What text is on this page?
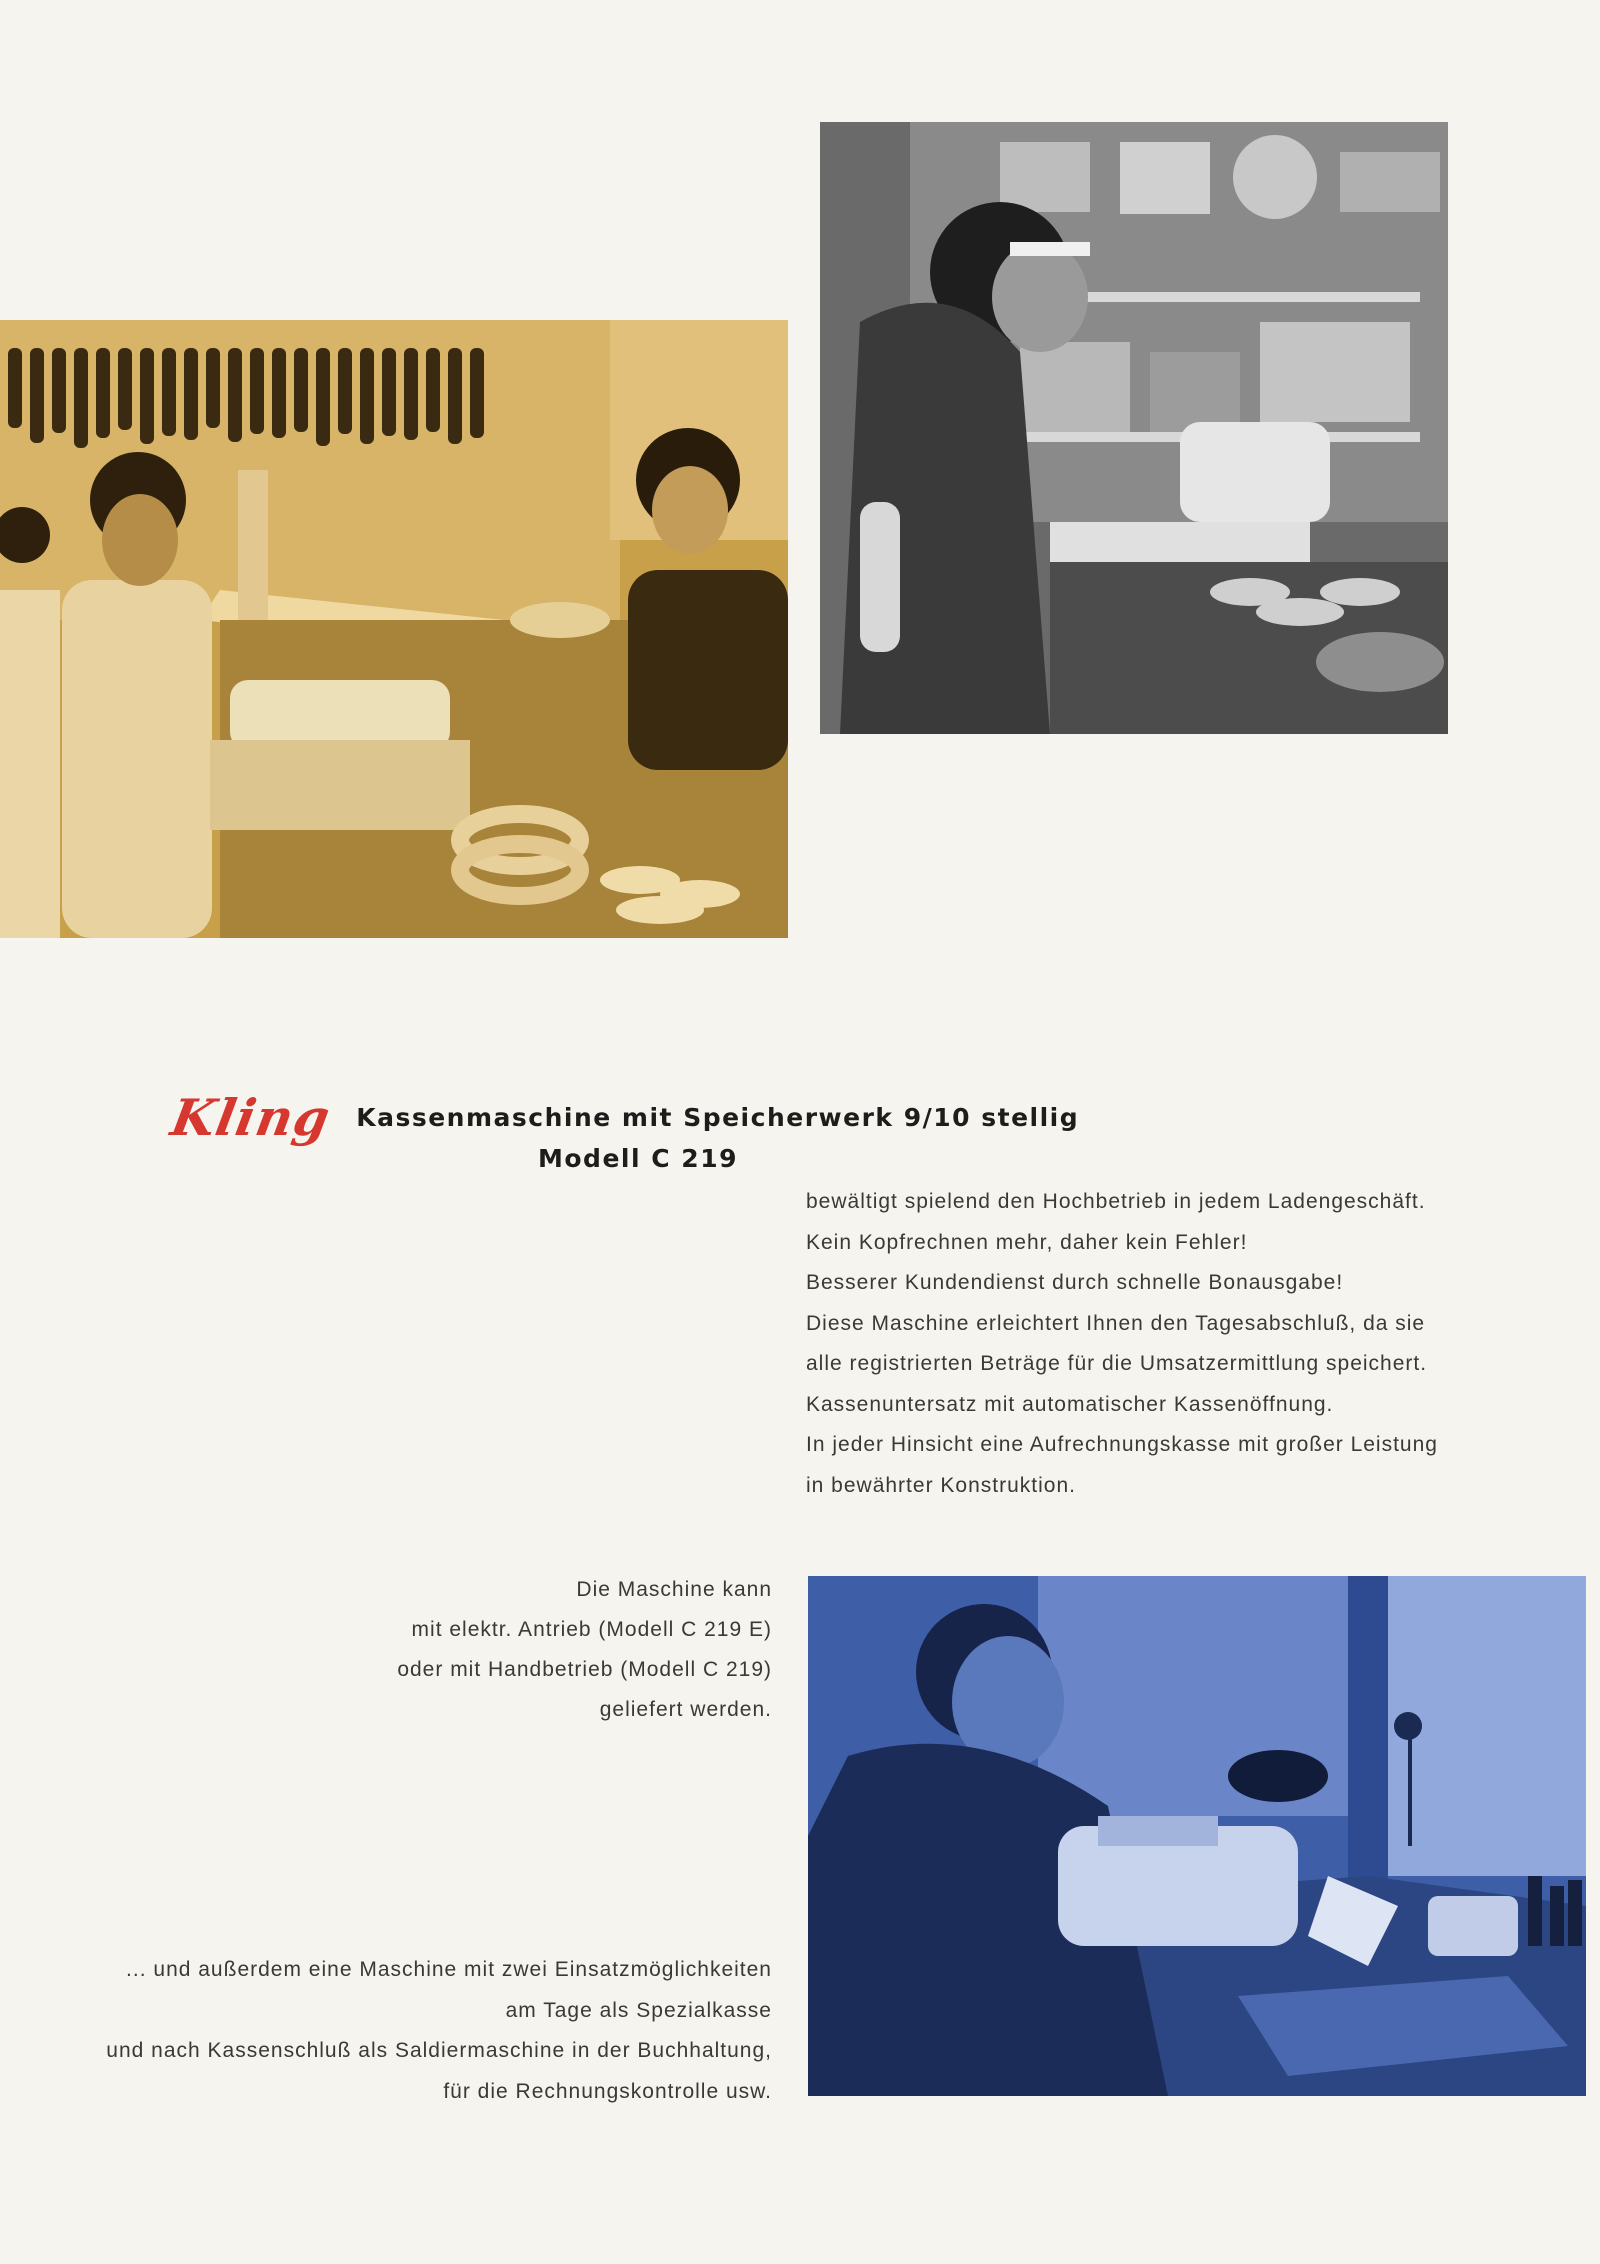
Kling Kassenmaschine mit Speicherwerk 9/10 stellig
Modell C 219
bewältigt spielend den Hochbetrieb in jedem Ladengeschäft.
Kein Kopfrechnen mehr, daher kein Fehler!
Besserer Kundendienst durch schnelle Bonausgabe!
Diese Maschine erleichtert Ihnen den Tagesabschluß, da sie
alle registrierten Beträge für die Umsatzermittlung speichert.
Kassenuntersatz mit automatischer Kassenöffnung.
In jeder Hinsicht eine Aufrechnungskasse mit großer Leistung
in bewährter Konstruktion.
Die Maschine kann
mit elektr. Antrieb (Modell C 219 E)
oder mit Handbetrieb (Modell C 219)
geliefert werden.
... und außerdem eine Maschine mit zwei Einsatzmöglichkeiten
am Tage als Spezialkasse
und nach Kassenschluß als Saldiermaschine in der Buchhaltung,
für die Rechnungskontrolle usw.
